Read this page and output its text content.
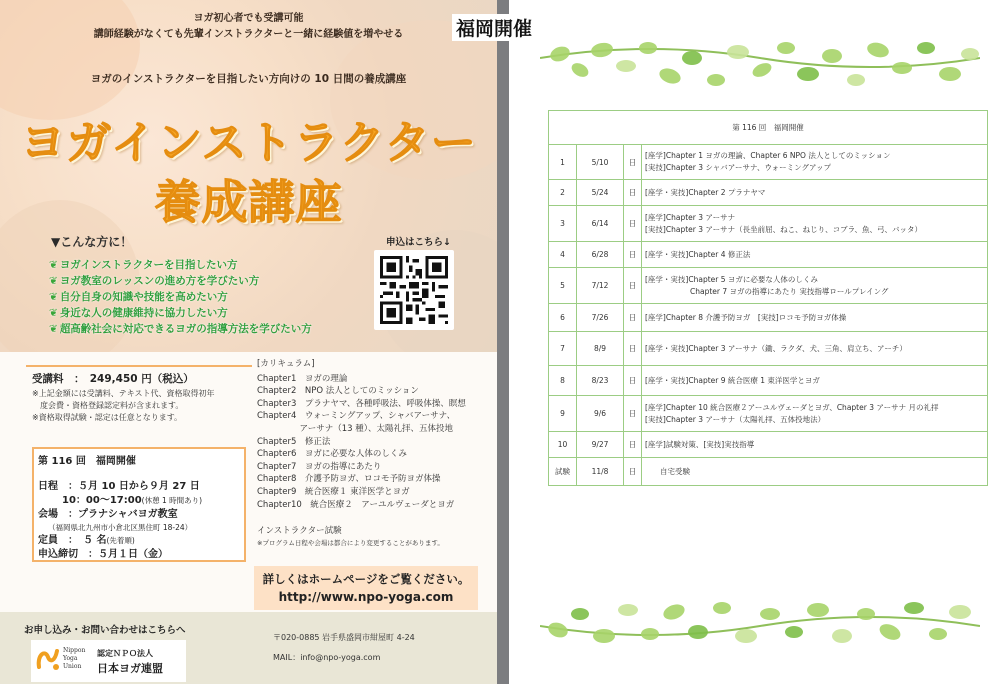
ヨガ初心者でも受講可能
講師経験がなくても先輩インストラクターと一緒に経験値を増やせる
ヨガのインストラクターを目指したい方向けの 10 日間の養成講座
ヨガインストラクター
養成講座
▼こんな方に！
❦ ヨガインストラクターを目指したい方
❦ ヨガ教室のレッスンの進め方を学びたい方
❦ 自分自身の知識や技能を高めたい方
❦ 身近な人の健康維持に協力したい方
❦ 超高齢社会に対応できるヨガの指導方法を学びたい方
申込はこちら↓
受講料　：　249,450 円（税込）
※上記金額には受講料、テキスト代、資格取得初年
　度会費・資格登録認定料が含まれます。
※資格取得試験・認定は任意となります。
第 116 回　福岡開催
日程　：５月 10 日から９月 27 日
10：00～17:00(休憩 1 時間あり)
会場　：プラナシャバヨガ教室
（福岡県北九州市小倉北区黒住町 18-24）
定員　：　５ 名(先着順)
申込締切　：５月１日（金）
[カリキュラム]
Chapter1　ヨガの理論
Chapter2　NPO 法人としてのミッション
Chapter3　プラナヤマ、各種呼吸法、呼吸体操、瞑想
Chapter4　ウォーミングアップ、シャバアーサナ、
　　　　　アーサナ（13 種）、太陽礼拝、五体投地
Chapter5　修正法
Chapter6　ヨガに必要な人体のしくみ
Chapter7　ヨガの指導にあたり
Chapter8　介護予防ヨガ、ロコモ予防ヨガ体操
Chapter9　統合医療１ 東洋医学とヨガ
Chapter10　統合医療２　アーユルヴェーダとヨガ
インストラクター試験
※プログラム日程や会場は都合により変更することがあります。
詳しくはホームページをご覧ください。
http://www.npo-yoga.com
お申し込み・お問い合わせはこちらへ
Nippon
Yoga
Union
認定ＮＰＯ法人
日本ヨガ連盟
〒020-0885 岩手県盛岡市紺屋町 4-24
MAIL：info@npo-yoga.com
福岡開催
第 116 回　福岡開催			
1	5/10	日	[座学]Chapter 1 ヨガの理論、Chapter 6 NPO 法人としてのミッション
[実技]Chapter 3 シャバアーサナ、ウォーミングアップ

2	5/24	日	[座学・実技]Chapter 2 プラナヤマ

3	6/14	日	[座学]Chapter 3 アーサナ
[実技]Chapter 3 アーサナ（長坐前屈、ねこ、ねじり、コブラ、魚、弓、バッタ）

4	6/28	日	[座学・実技]Chapter 4 修正法

5	7/12	日	[座学・実技]Chapter 5 ヨガに必要な人体のしくみ
　　　　　　Chapter 7 ヨガの指導にあたり 実技指導ロールプレイング

6	7/26	日	[座学]Chapter 8 介護予防ヨガ　[実技]ロコモ予防ヨガ体操

7	8/9	日	[座学・実技]Chapter 3 アーサナ（鋤、ラクダ、犬、三角、肩立ち、アーチ）

8	8/23	日	[座学・実技]Chapter 9 統合医療 1 東洋医学とヨガ

9	9/6	日	[座学]Chapter 10 統合医療２アーユルヴェーダとヨガ、Chapter 3 アーサナ 月の礼拝
[実技]Chapter 3 アーサナ（太陽礼拝、五体投地法）

10	9/27	日	[座学]試験対策、[実技]実技指導

試験	11/8	日	　　自宅受験
